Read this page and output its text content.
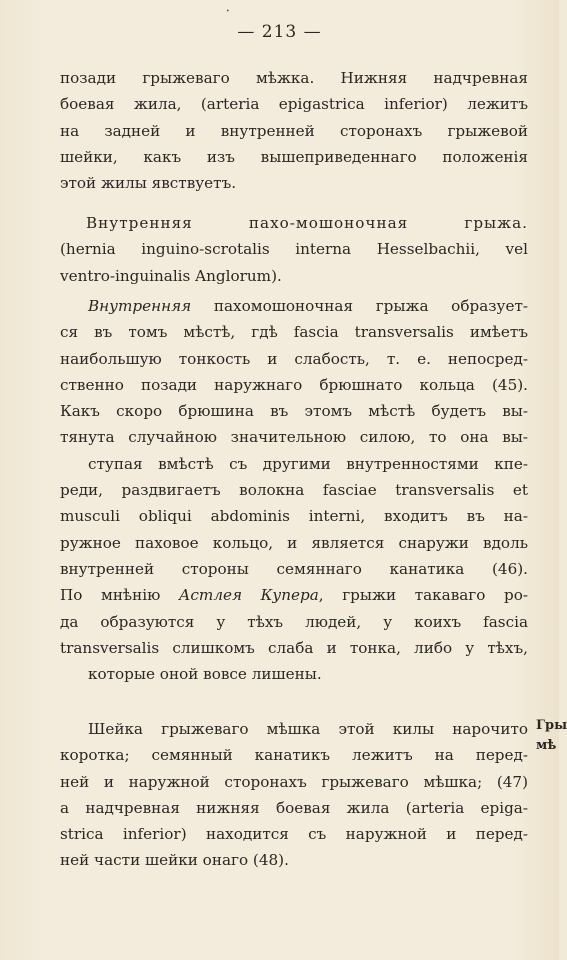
•
— 213 —
позади грыжеваго мѣжка. Нижняя надчревная
боевая жила, (arteria epigastrica inferior) лежитъ
на задней и внутренней сторонахъ грыжевой
шейки, какъ изъ вышеприведеннаго положенія
этой жилы явствуетъ.
Внутренняя пахо-мошоночная грыжа.
(hernia inguino-scrotalis interna Hesselbachii, vel
ventro-inguinalis Anglorum).
Внутренняя пахомошоночная грыжа образует-
ся въ томъ мѣстѣ, гдѣ fascia transversalis имѣетъ
наибольшую тонкость и слабость, т. е. непосред-
ственно позади наружнаго брюшнато кольца (45).
Какъ скоро брюшина въ этомъ мѣстѣ будетъ вы-
тянута случайною значительною силою, то она вы-
ступая вмѣстѣ съ другими внутренностями кпе-
реди, раздвигаетъ волокна fasciae transversalis et
musculi obliqui abdominis interni, входитъ въ на-
ружное паховое кольцо, и является снаружи вдоль
внутренней стороны семяннаго канатика (46).
По мнѣнію Астлея Купера, грыжи такаваго ро-
да образуются у тѣхъ людей, у коихъ fascia
transversalis слишкомъ слаба и тонка, либо у тѣхъ,
которые оной вовсе лишены.
Шейка грыжеваго мѣшка этой килы нарочито
коротка; семянный канатикъ лежитъ на перед-
ней и наружной сторонахъ грыжеваго мѣшка; (47)
а надчревная нижняя боевая жила (arteria epiga-
strica inferior) находится съ наружной и перед-
ней части шейки онаго (48).
Гры
мѣ
